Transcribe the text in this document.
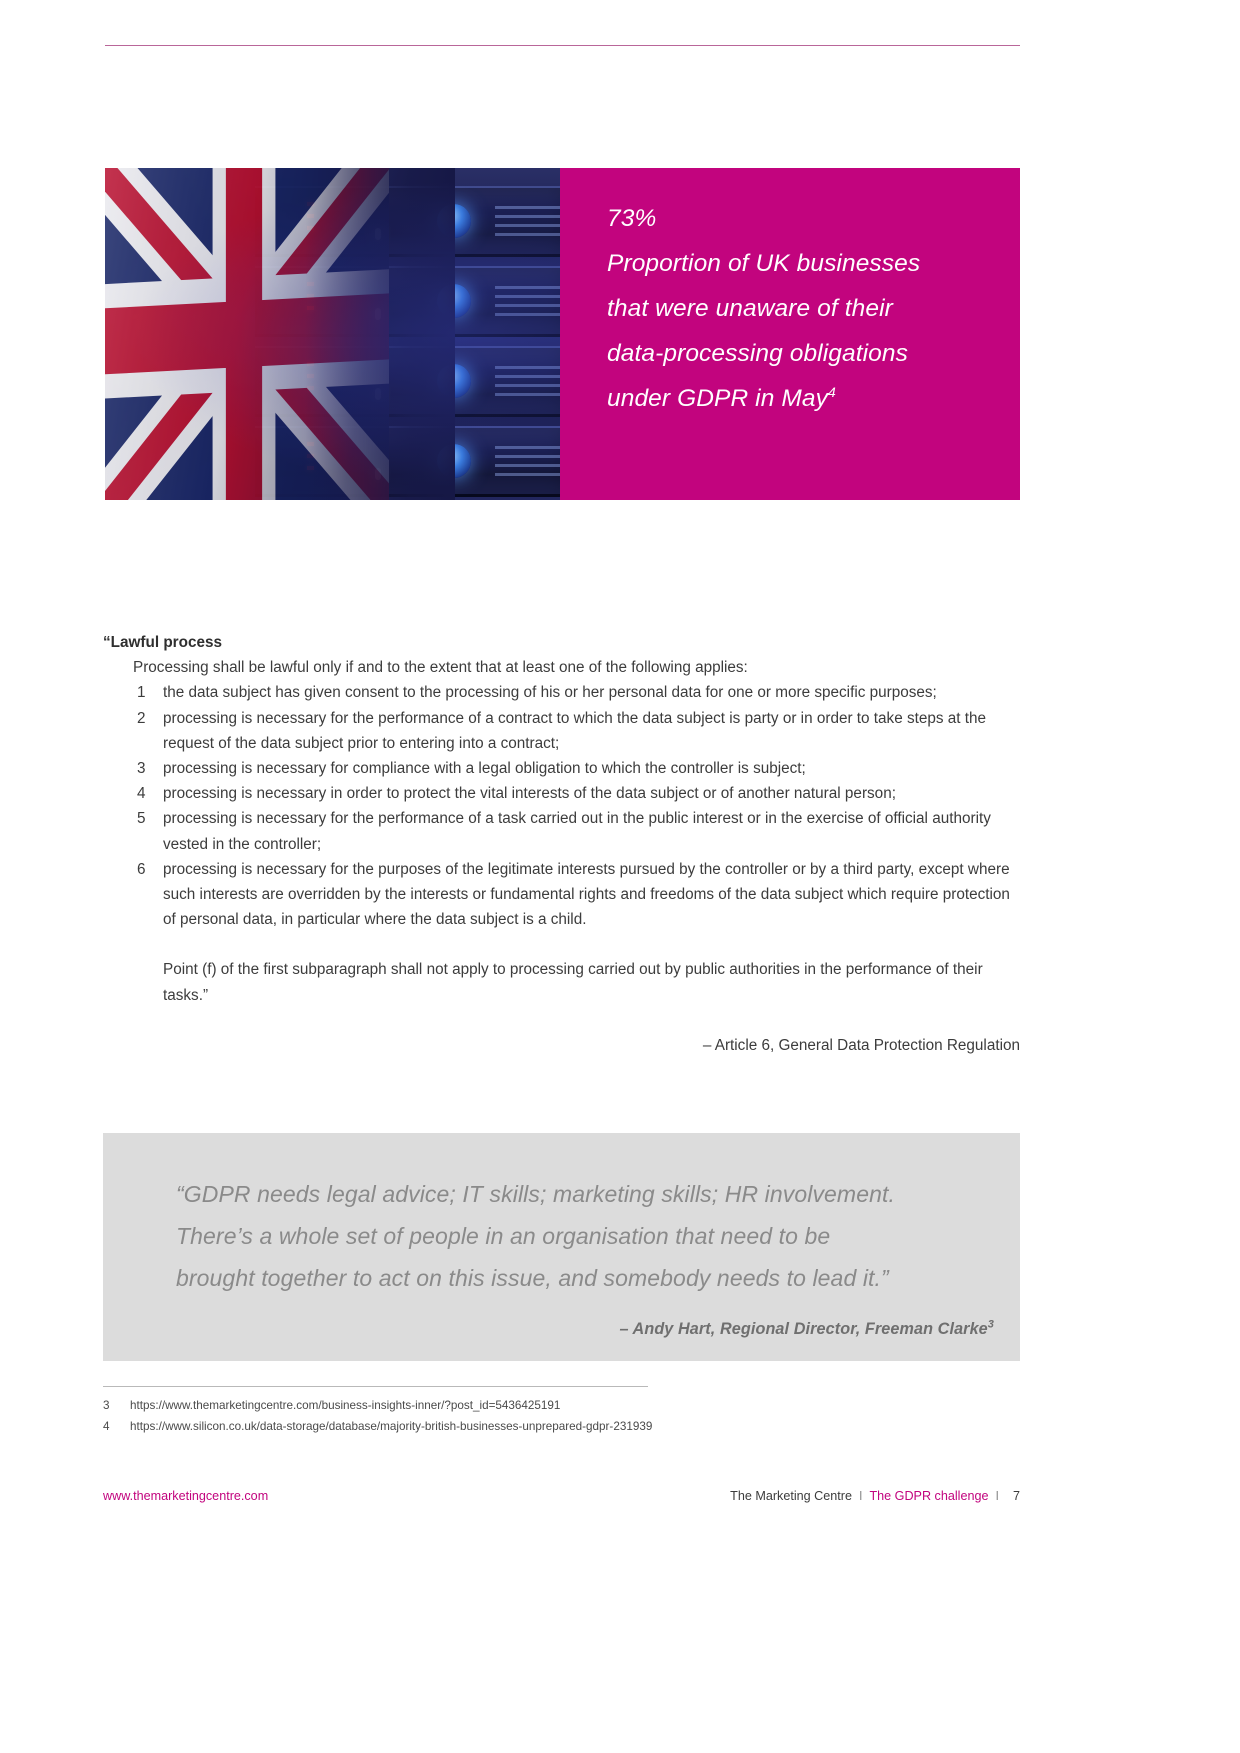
73%
Proportion of UK businesses
that were unaware of their
data-processing obligations
under GDPR in May$^4$

“Lawful process

Processing shall be lawful only if and to the extent that at least one of the following applies:

1	the data subject has given consent to the processing of his or her personal data for one or more specific purposes;
2	processing is necessary for the performance of a contract to which the data subject is party or in order to take steps at the request of the data subject prior to entering into a contract;
3	processing is necessary for compliance with a legal obligation to which the controller is subject;
4	processing is necessary in order to protect the vital interests of the data subject or of another natural person;
5	processing is necessary for the performance of a task carried out in the public interest or in the exercise of official authority vested in the controller;
6	processing is necessary for the purposes of the legitimate interests pursued by the controller or by a third party, except where such interests are overridden by the interests or fundamental rights and freedoms of the data subject which require protection of personal data, in particular where the data subject is a child.

Point (f) of the first subparagraph shall not apply to processing carried out by public authorities in the performance of their tasks.”

– Article 6, General Data Protection Regulation

“GDPR needs legal advice; IT skills; marketing skills; HR involvement.
There’s a whole set of people in an organisation that need to be
brought together to act on this issue, and somebody needs to lead it.”

– Andy Hart, Regional Director, Freeman Clarke$^3$

3 https://www.themarketingcentre.com/business-insights-inner/?post_id=5436425191
4 https://www.silicon.co.uk/data-storage/database/majority-british-businesses-unprepared-gdpr-231939
www.themarketingcentre.com	The Marketing Centre I The GDPR challenge I 7
